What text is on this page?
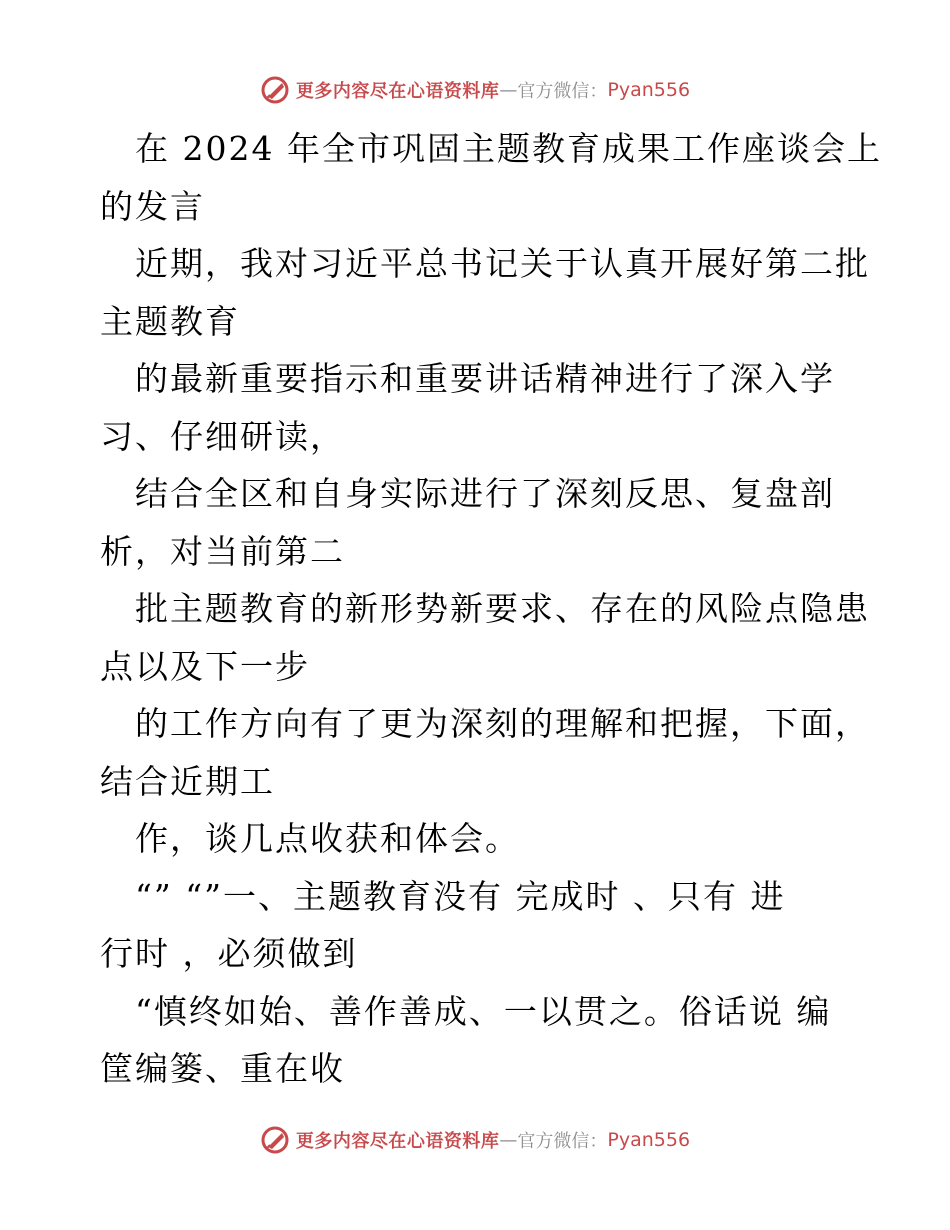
更多内容尽在心语资料库 — 官方微信： Pyan556
在 2024 年全市巩固主题教育成果工作座谈会上
的发言
近期，我对习近平总书记关于认真开展好第二批
主题教育
的最新重要指示和重要讲话精神进行了深入学
习、仔细研读，
结合全区和自身实际进行了深刻反思、复盘剖
析，对当前第二
批主题教育的新形势新要求、存在的风险点隐患
点以及下一步
的工作方向有了更为深刻的理解和把握，下面，
结合近期工
作，谈几点收获和体会。
“” “”一、主题教育没有 完成时 、只有 进
行时 ，必须做到
“慎终如始、善作善成、一以贯之。俗话说 编
筐编篓、重在收
更多内容尽在心语资料库 — 官方微信： Pyan556
